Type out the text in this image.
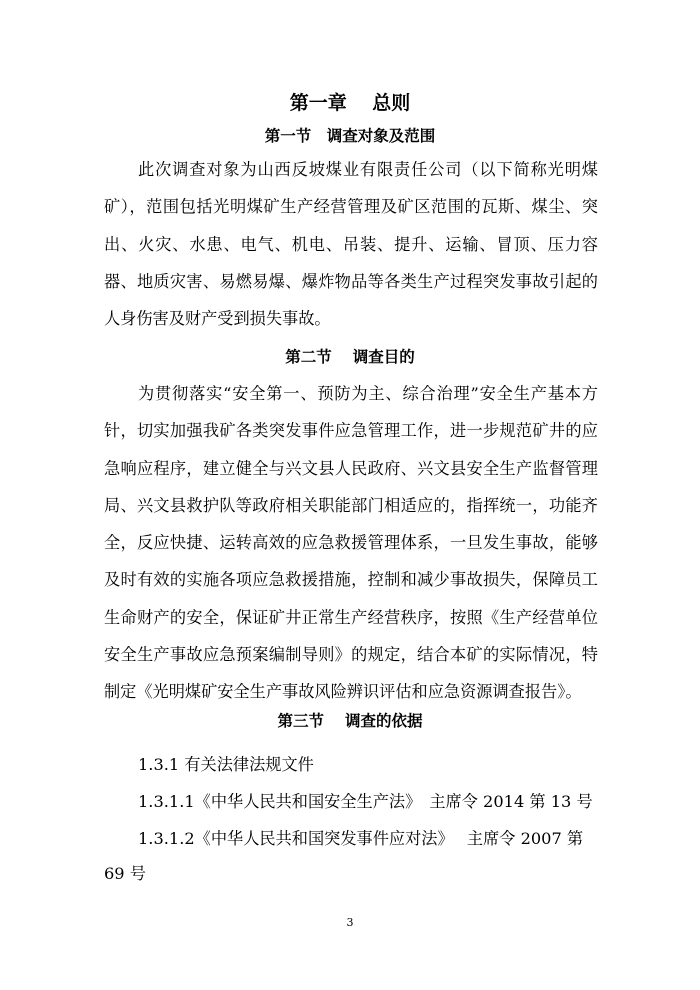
第一章　 总则
第一节　调查对象及范围
此次调查对象为山西反坡煤业有限责任公司（以下简称光明煤矿），范围包括光明煤矿生产经营管理及矿区范围的瓦斯、煤尘、突出、火灾、水患、电气、机电、吊装、提升、运输、冒顶、压力容器、地质灾害、易燃易爆、爆炸物品等各类生产过程突发事故引起的人身伤害及财产受到损失事故。
第二节　 调查目的
为贯彻落实“安全第一、预防为主、综合治理”安全生产基本方针，切实加强我矿各类突发事件应急管理工作，进一步规范矿井的应急响应程序，建立健全与兴文县人民政府、兴文县安全生产监督管理局、兴文县救护队等政府相关职能部门相适应的，指挥统一，功能齐全，反应快捷、运转高效的应急救援管理体系，一旦发生事故，能够及时有效的实施各项应急救援措施，控制和减少事故损失，保障员工生命财产的安全，保证矿井正常生产经营秩序，按照《生产经营单位安全生产事故应急预案编制导则》的规定，结合本矿的实际情况，特制定《光明煤矿安全生产事故风险辨识评估和应急资源调查报告》。
第三节　 调查的依据
1.3.1 有关法律法规文件
1.3.1.1《中华人民共和国安全生产法》　主席令 2014 第 13 号
1.3.1.2《中华人民共和国突发事件应对法》　 主席令 2007 第
69 号
3
